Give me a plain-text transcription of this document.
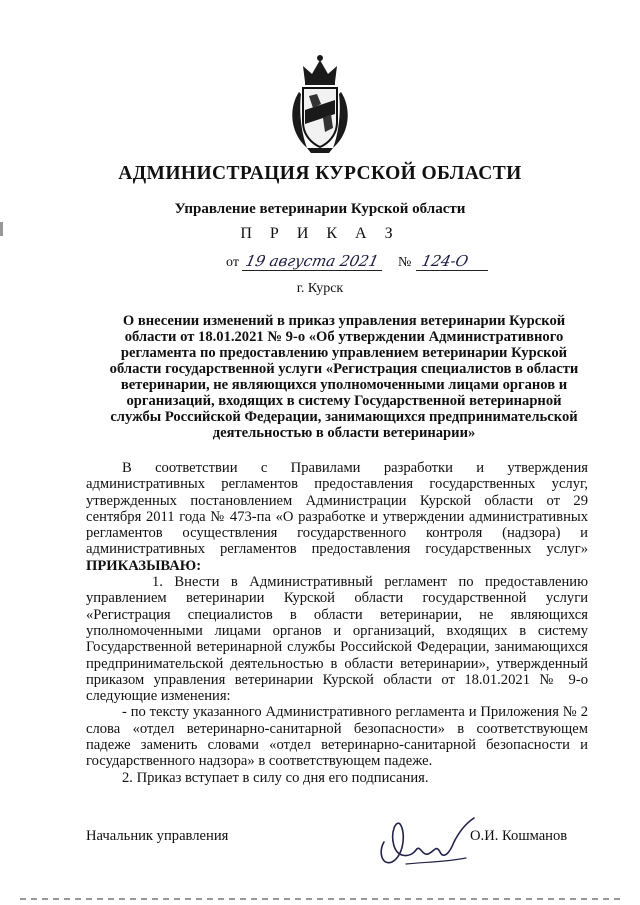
АДМИНИСТРАЦИЯ КУРСКОЙ ОБЛАСТИ
Управление ветеринарии Курской области
П Р И К А З
от 19 августа 2021 № 124-О
г. Курск
О внесении изменений в приказ управления ветеринарии Курской области от 18.01.2021 № 9-о «Об утверждении Административного регламента по предоставлению управлением ветеринарии Курской области государственной услуги «Регистрация специалистов в области ветеринарии, не являющихся уполномоченными лицами органов и организаций, входящих в систему Государственной ветеринарной службы Российской Федерации, занимающихся предпринимательской деятельностью в области ветеринарии»

В соответствии с Правилами разработки и утверждения административных регламентов предоставления государственных услуг, утвержденных постановлением Администрации Курской области от 29 сентября 2011 года № 473-па «О разработке и утверждении административных регламентов осуществления государственного контроля (надзора) и административных регламентов предоставления государственных услуг» ПРИКАЗЫВАЮ:

1. Внести в Административный регламент по предоставлению управлением ветеринарии Курской области государственной услуги «Регистрация специалистов в области ветеринарии, не являющихся уполномоченными лицами органов и организаций, входящих в систему Государственной ветеринарной службы Российской Федерации, занимающихся предпринимательской деятельностью в области ветеринарии», утвержденный приказом управления ветеринарии Курской области от 18.01.2021 № 9-о следующие изменения:

- по тексту указанного Административного регламента и Приложения № 2 слова «отдел ветеринарно-санитарной безопасности» в соответствующем падеже заменить словами «отдел ветеринарно-санитарной безопасности и государственного надзора» в соответствующем падеже.

2. Приказ вступает в силу со дня его подписания.

Начальник управления	О.И. Кошманов
